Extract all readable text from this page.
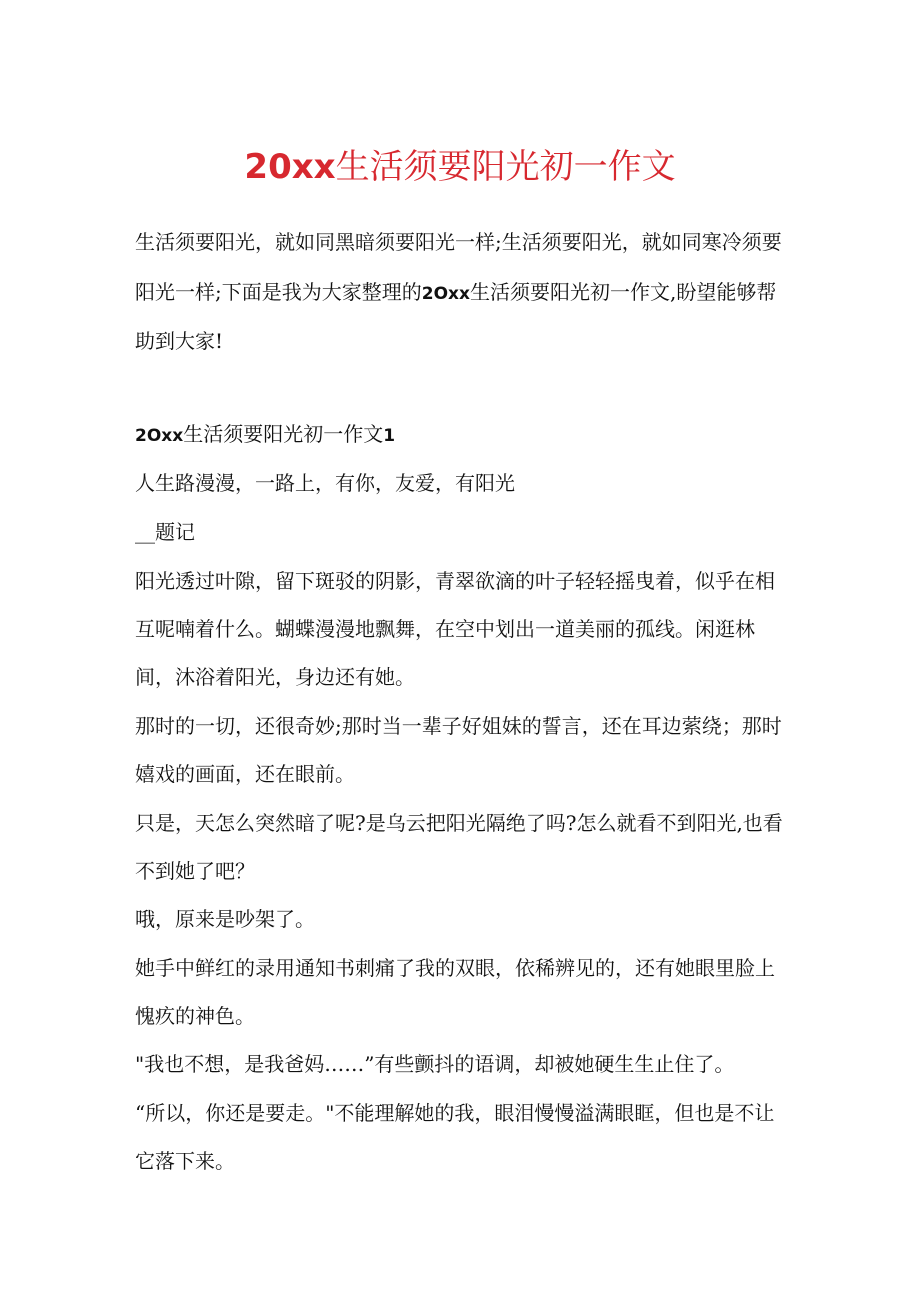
20xx生活须要阳光初一作文

生活须要阳光，就如同黑暗须要阳光一样;生活须要阳光，就如同寒冷须要

阳光一样;下面是我为大家整理的2Oxx生活须要阳光初一作文,盼望能够帮

助到大家!

2Oxx生活须要阳光初一作文1

人生路漫漫，一路上，有你，友爱，有阳光

__题记

阳光透过叶隙，留下斑驳的阴影，青翠欲滴的叶子轻轻摇曳着，似乎在相

互呢喃着什么。蝴蝶漫漫地飘舞，在空中划出一道美丽的孤线。闲逛林

间，沐浴着阳光，身边还有她。

那时的一切，还很奇妙;那时当一辈子好姐妹的誓言，还在耳边萦绕；那时

嬉戏的画面，还在眼前。

只是，天怎么突然暗了呢?是乌云把阳光隔绝了吗?怎么就看不到阳光,也看

不到她了吧？

哦，原来是吵架了。

她手中鲜红的录用通知书刺痛了我的双眼，依稀辨见的，还有她眼里脸上

愧疚的神色。

"我也不想，是我爸妈……”有些颤抖的语调，却被她硬生生止住了。

“所以，你还是要走。"不能理解她的我，眼泪慢慢溢满眼眶，但也是不让

它落下来。
